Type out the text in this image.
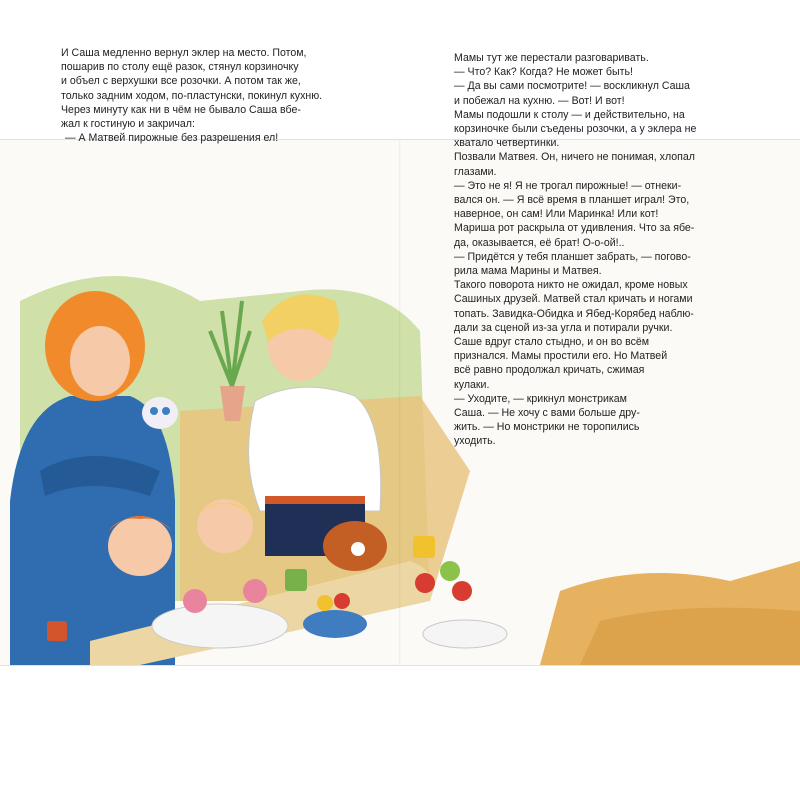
И Саша медленно вернул эклер на место. Потом,
пошарив по столу ещё разок, стянул корзиночку
и объел с верхушки все розочки. А потом так же,
только задним ходом, по-пластунски, покинул кухню.

Через минуту как ни в чём не бывало Саша вбе-
жал к гостиную и закричал:

— А Матвей пирожные без разрешения ел!

Мамы тут же перестали разговаривать.

— Что? Как? Когда? Не может быть!

— Да вы сами посмотрите! — воскликнул Саша
и побежал на кухню. — Вот! И вот!

Мамы подошли к столу — и действительно, на
корзиночке были съедены розочки, а у эклера не
хватало четвертинки.

Позвали Матвея. Он, ничего не понимая, хлопал
глазами.

— Это не я! Я не трогал пирожные! — отнеки-
вался он. — Я всё время в планшет играл! Это,
наверное, он сам! Или Маринка! Или кот!

Мариша рот раскрыла от удивления. Что за ябе-
да, оказывается, её брат! О-о-ой!..

— Придётся у тебя планшет забрать, — погово-
рила мама Марины и Матвея.

Такого поворота никто не ожидал, кроме новых
Сашиных друзей. Матвей стал кричать и ногами
топать. Завидка-Обидка и Ябед-Корябед наблю-
дали за сценой из-за угла и потирали ручки.

Саше вдруг стало стыдно, и он во всём
признался. Мамы простили его. Но Матвей
всё равно продолжал кричать, сжимая
кулаки.

— Уходите, — крикнул монстрикам
Саша. — Не хочу с вами больше дру-
жить. — Но монстрики не торопились
уходить.
